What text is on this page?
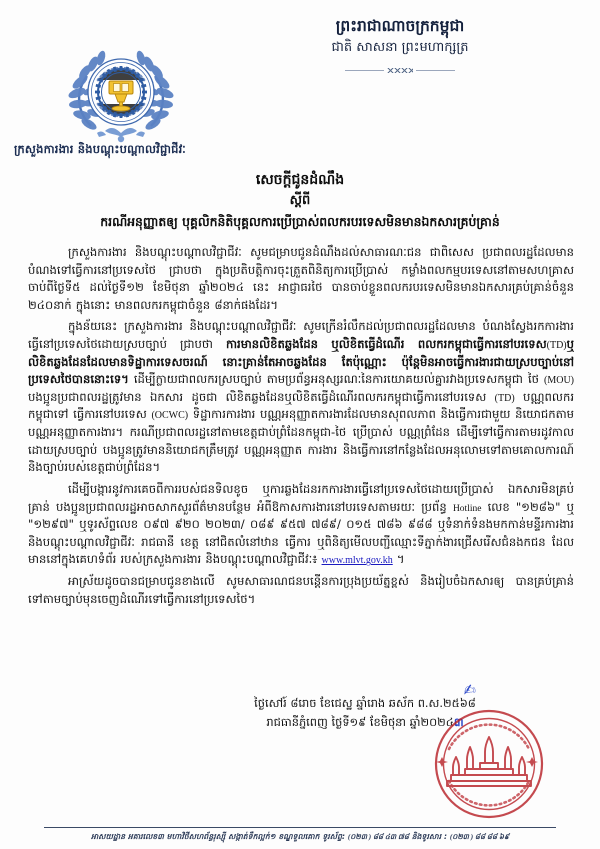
ព្រះរាជាណាចក្រកម្ពុជា
ជាតិ សាសនា ព្រះមហាក្សត្រ
ក្រសួងការងារ និងបណ្ដុះបណ្ដាលវិជ្ជាជីវៈ
សេចក្ដីជូនដំណឹង
ស្ដីពី
ករណីអនុញ្ញាតឲ្យ បុគ្គលិកនិតិបុគ្គលការប្រើប្រាស់ពលករបរទេសមិនមានឯកសារគ្រប់គ្រាន់

ក្រសួងការងារ និងបណ្ដុះបណ្ដាលវិជ្ជាជីវៈ សូមជម្រាបជូនដំណឹងដល់សាធារណៈជន ជាពិសេស ប្រជាពលរដ្ឋដែលមានបំណងទៅធ្វើការនៅប្រទេសថៃ ជ្រាបថា ក្នុងប្រតិបត្តិការចុះត្រួតពិនិត្យការប្រើប្រាស់ កម្លាំងពលកម្មបរទេសនៅតាមសហគ្រាស ចាប់ពីថ្ងៃទី៥ ដល់ថ្ងៃទី១២ ខែមិថុនា ឆ្នាំ២០២៤ នេះ អាជ្ញាធរថៃ បានចាប់ខ្លួនពលករបរទេសមិនមានឯកសារគ្រប់គ្រាន់ចំនួន ២៤០នាក់ ក្នុងនោះ មានពលករកម្ពុជាចំនួន ៨នាក់ផងដែរ។

ក្នុងន័យនេះ ក្រសួងការងារ និងបណ្ដុះបណ្ដាលវិជ្ជាជីវៈ សូមក្រើនរំលឹកដល់ប្រជាពលរដ្ឋដែលមាន បំណងស្វែងរកការងារធ្វើនៅប្រទេសថៃដោយស្របច្បាប់ ជ្រាបថា ការមានលិខិតឆ្លងដែន ឬលិខិតធ្វើដំណើរ ពលករកម្ពុជាធ្វើការនៅបរទេស(TD)ឬលិខិតឆ្លងដែនដែលមានទិដ្ឋាការទេសចរណ៍ នោះគ្រាន់តែអាចឆ្លងដែន តែប៉ុណ្ណោះ ប៉ុន្តែមិនអាចធ្វើការងារជាយស្របច្បាប់នៅប្រទេសថៃបាននោះទេ។ ដើម្បីក្លាយជាពលករស្របច្បាប់ តាមប្រព័ន្ធអនុស្សរណៈនៃការយោគយល់គ្នារវាងប្រទេសកម្ពុជា ថៃ (MOU) បងប្អូនប្រជាពលរដ្ឋត្រូវមាន ឯកសារ ដូចជា លិខិតឆ្លងដែនឬលិខិតធ្វើដំណើរពលករកម្ពុជាធ្វើការនៅបរទេស (TD) បណ្ណពលករកម្ពុជាទៅ ធ្វើការនៅបរទេស (OCWC) ទិដ្ឋាការការងារ បណ្ណអនុញ្ញាតការងារដែលមានសុពលភាព និងធ្វើការជាមួយ និយោជកតាមបណ្ណអនុញ្ញាតការងារ។ ករណីប្រជាពលរដ្ឋនៅតាមខេត្តជាប់ព្រំដែនកម្ពុជា-ថៃ ប្រើប្រាស់ បណ្ណព្រំដែន ដើម្បីទៅធ្វើការតាមរដូវកាលដោយស្របច្បាប់ បងប្អូនត្រូវមាននិយោជកត្រឹមត្រូវ បណ្ណអនុញ្ញាត ការងារ និងធ្វើការនៅកន្លែងដែលអនុលោមទៅតាមគោលការណ៍និងច្បាប់របស់ខេត្តជាប់ព្រំដែន។

ដើម្បីបង្ការនូវការគេចពីការរបស់ជនទិលខូច ឬការឆ្លងដែនរកការងារធ្វើនៅប្រទេសថៃដោយប្រើប្រាស់ ឯកសារមិនគ្រប់គ្រាន់ បងប្អូនប្រជាពលរដ្ឋអាចសាកសួរព័ត៌មានបន្ថែម អំពីឱកាសការងារនៅបរទេសតាមរយៈ ប្រព័ន្ធ Hotline លេខ "១២៨៦" ឬ "១២៩៧" ឬទូរស័ព្ទលេខ ០៩៧ ៩២០ ២០២៣/ ០៨៩ ៩៥៧ ៧៨៩/ ០១៥ ៧៨៦ ៩៨៨ ឬទំនាក់ទំនងមកកាន់មន្ទីរការងារ និងបណ្ដុះបណ្ដាលវិជ្ជាជីវៈ រាជធានី ខេត្ត នៅជិតលំនៅឋាន ធ្វើការ ឬពិនិត្យមើលបញ្ជីឈ្មោះទីភ្នាក់ងារជ្រើសរើសជំនងកជន ដែលមាននៅក្នុងគេហទំព័រ របស់ក្រសួងការងារ និងបណ្ដុះបណ្ដាលវិជ្ជាជីវៈ៖ www.mlvt.gov.kh ។

អាស្រ័យដូចបានជម្រាបជូនខាងលើ សូមសាធារណជនបន្តើនការប្រុងប្រយ័ត្នខ្ពស់ និងរៀបចំឯកសារឲ្យ បានគ្រប់គ្រាន់ទៅតាមច្បាប់មុនចេញដំណើរទៅធ្វើការនៅប្រទេសថៃ។

✍
ថ្ងៃសៅរ៍ ៨រោច ខែជេស្ឋ ឆ្នាំរោង ឆស័ក ព.ស.២៥៦៨
រាជធានីភ្នំពេញ ថ្ងៃទី១៩ ខែមិថុនា ឆ្នាំ២០២៤៣
អាសយដ្ឋាន អគារលេខ៣ មហាវិថីសហព័ន្ធរុស្ស៊ី សង្កាត់ទឹកល្អក់១ ខណ្ឌទួលគោក ទូរស័ព្ទ: (០២៣ ) ៨៨ ៤៣ ៧៨ និងទូរសារ : (០២៣ ) ៨៨ ៨៨ ៦៩
